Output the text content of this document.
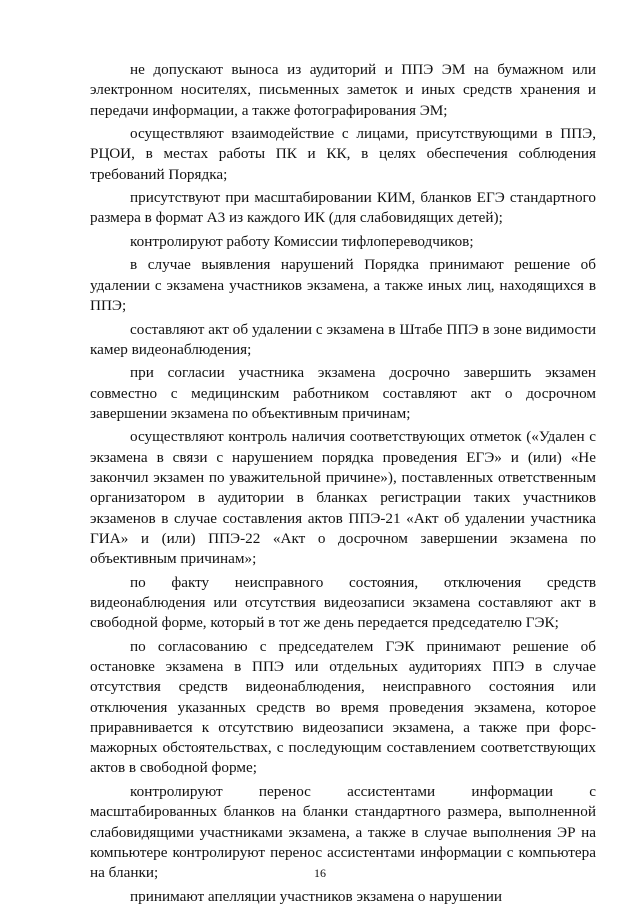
не допускают выноса из аудиторий и ППЭ ЭМ на бумажном или электронном носителях, письменных заметок и иных средств хранения и передачи информации, а также фотографирования ЭМ;

осуществляют взаимодействие с лицами, присутствующими в ППЭ, РЦОИ, в местах работы ПК и КК, в целях обеспечения соблюдения требований Порядка;

присутствуют при масштабировании КИМ, бланков ЕГЭ стандартного размера в формат А3 из каждого ИК (для слабовидящих детей);

контролируют работу Комиссии тифлопереводчиков;

в случае выявления нарушений Порядка принимают решение об удалении с экзамена участников экзамена, а также иных лиц, находящихся в ППЭ;

составляют акт об удалении с экзамена в Штабе ППЭ в зоне видимости камер видеонаблюдения;

при согласии участника экзамена досрочно завершить экзамен совместно с медицинским работником составляют акт о досрочном завершении экзамена по объективным причинам;

осуществляют контроль наличия соответствующих отметок («Удален с экзамена в связи с нарушением порядка проведения ЕГЭ» и (или) «Не закончил экзамен по уважительной причине»), поставленных ответственным организатором в аудитории в бланках регистрации таких участников экзаменов в случае составления актов ППЭ-21 «Акт об удалении участника ГИА» и (или) ППЭ-22 «Акт о досрочном завершении экзамена по объективным причинам»;

по факту неисправного состояния, отключения средств видеонаблюдения или отсутствия видеозаписи экзамена составляют акт в свободной форме, который в тот же день передается председателю ГЭК;

по согласованию с председателем ГЭК принимают решение об остановке экзамена в ППЭ или отдельных аудиториях ППЭ в случае отсутствия средств видеонаблюдения, неисправного состояния или отключения указанных средств во время проведения экзамена, которое приравнивается к отсутствию видеозаписи экзамена, а также при форс-мажорных обстоятельствах, с последующим составлением соответствующих актов в свободной форме;

контролируют перенос ассистентами информации с масштабированных бланков на бланки стандартного размера, выполненной слабовидящими участниками экзамена, а также в случае выполнения ЭР на компьютере контролируют перенос ассистентами информации с компьютера на бланки;

принимают апелляции участников экзамена о нарушении

16
